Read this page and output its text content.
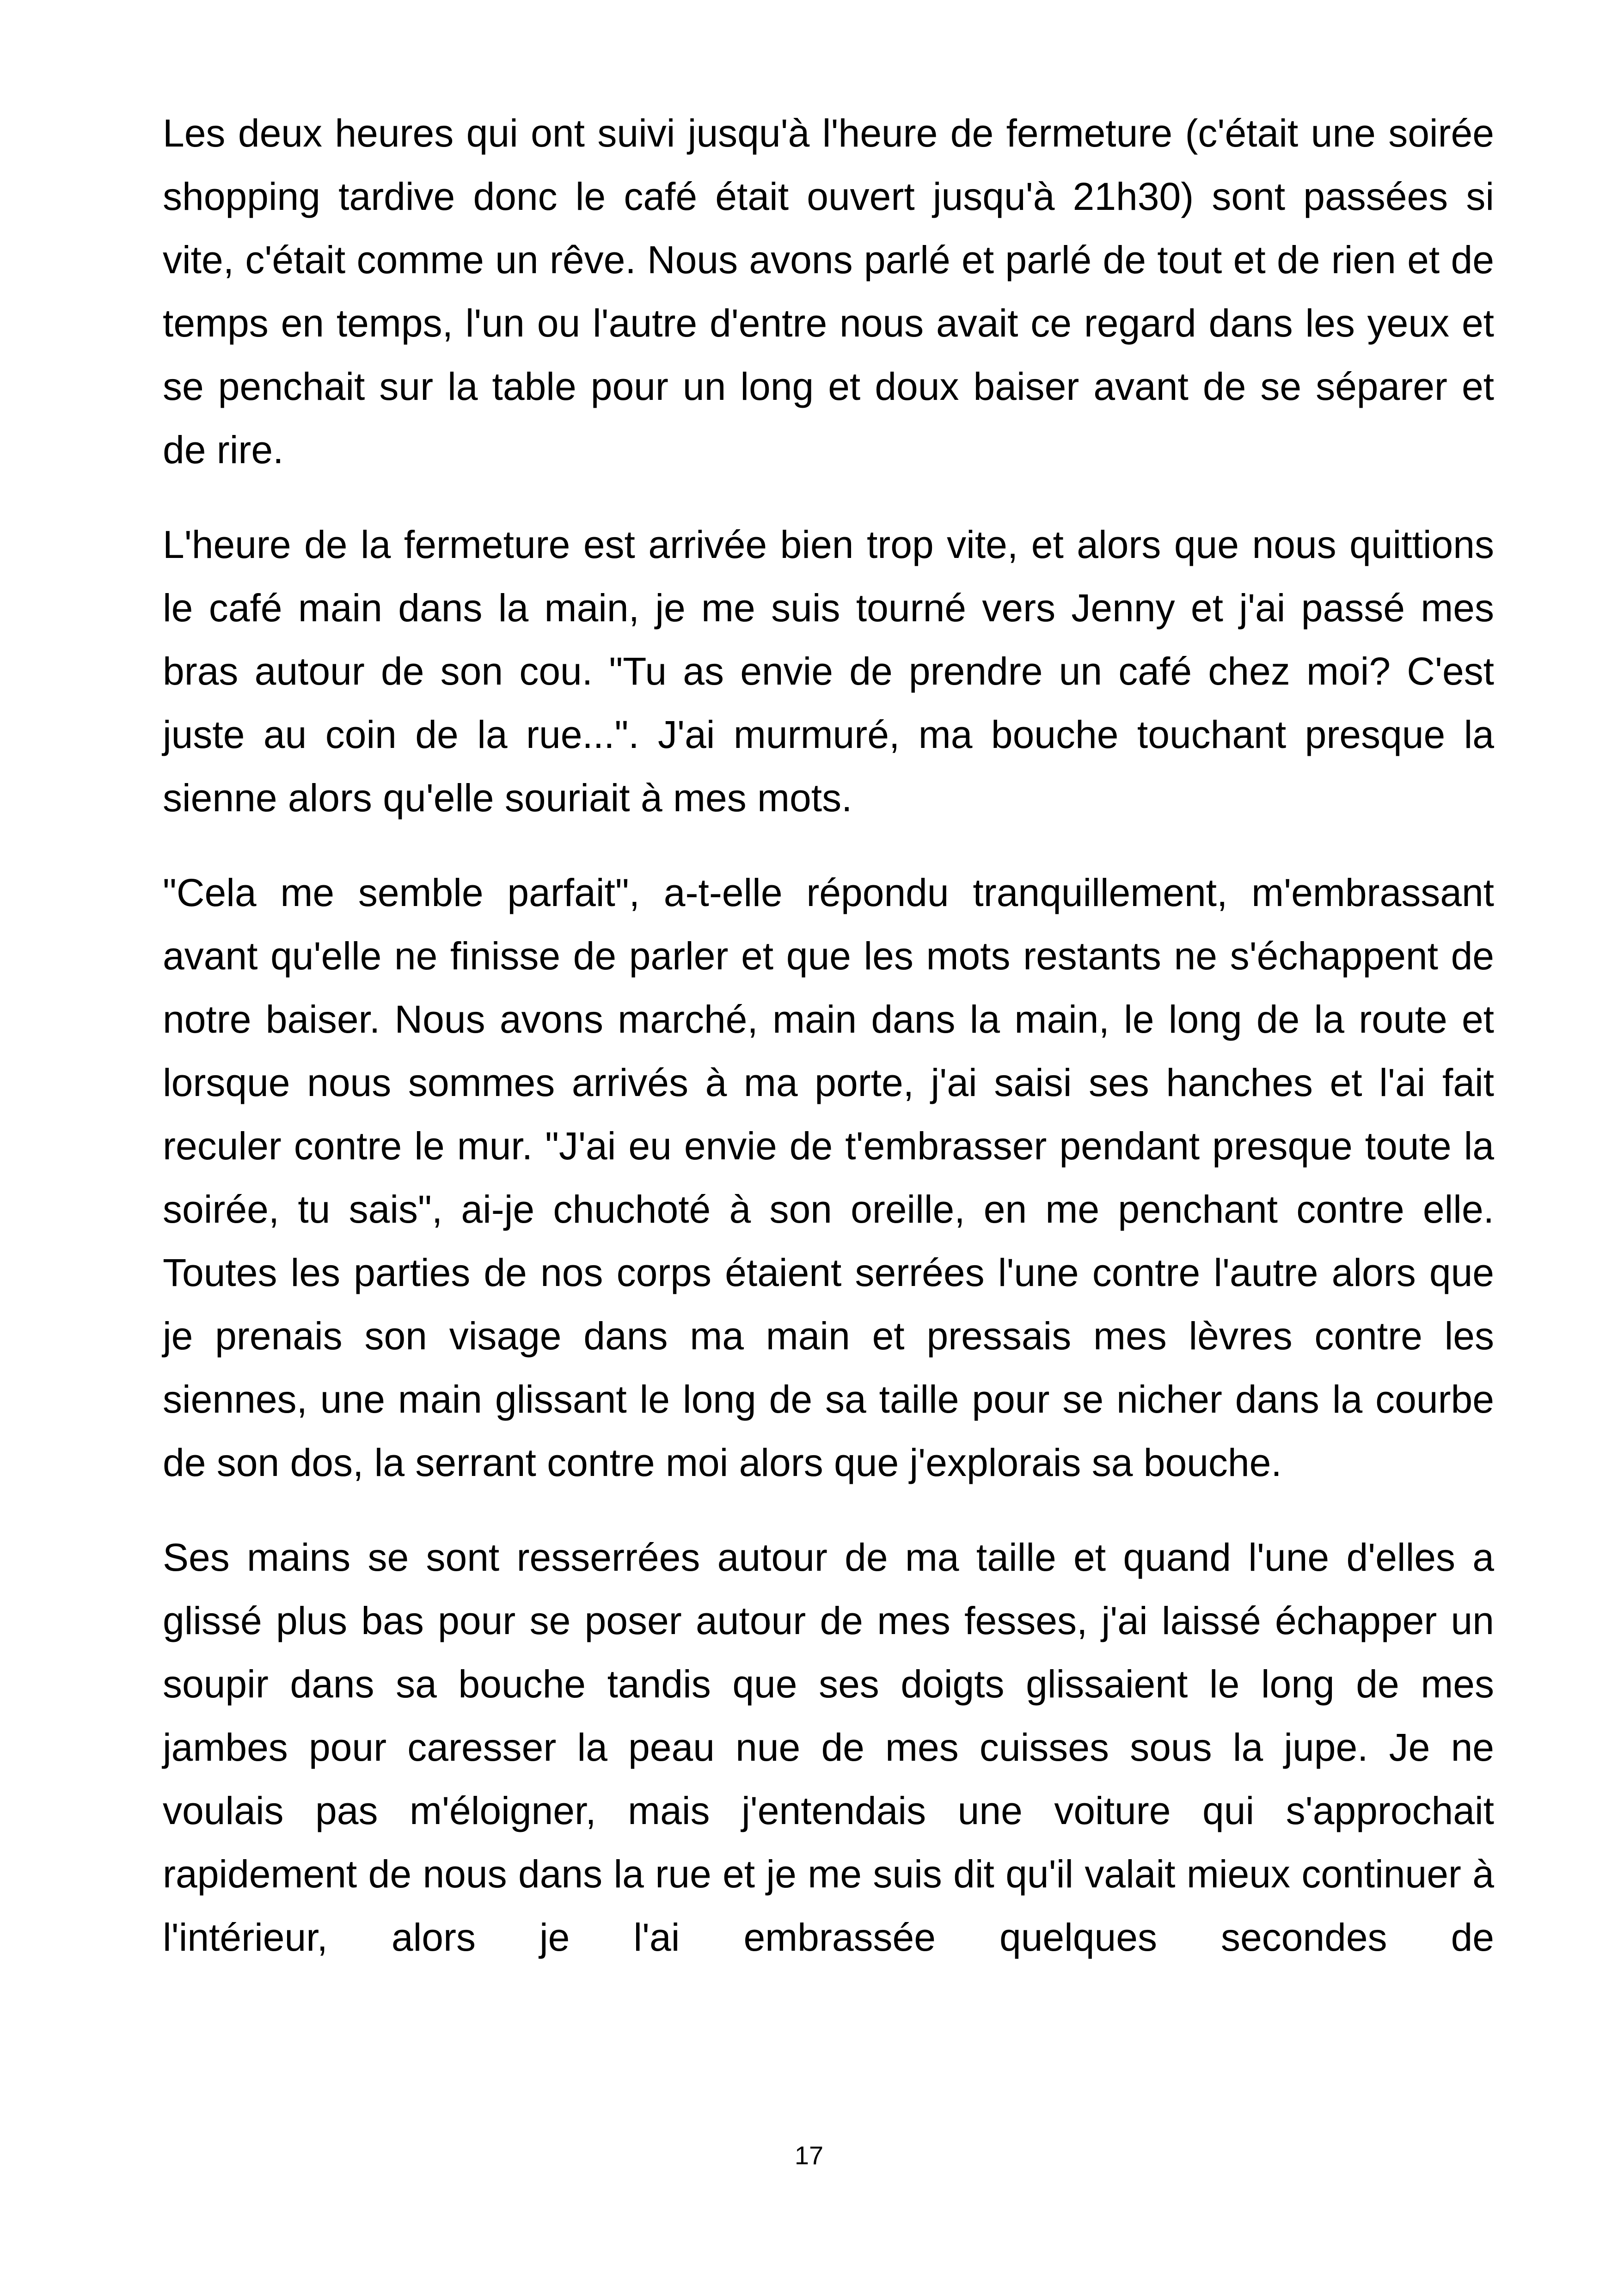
Les deux heures qui ont suivi jusqu'à l'heure de fermeture (c'était une soirée shopping tardive donc le café était ouvert jusqu'à 21h30) sont passées si vite, c'était comme un rêve. Nous avons parlé et parlé de tout et de rien et de temps en temps, l'un ou l'autre d'entre nous avait ce regard dans les yeux et se penchait sur la table pour un long et doux baiser avant de se séparer et de rire.

L'heure de la fermeture est arrivée bien trop vite, et alors que nous quittions le café main dans la main, je me suis tourné vers Jenny et j'ai passé mes bras autour de son cou. "Tu as envie de prendre un café chez moi? C'est juste au coin de la rue...". J'ai murmuré, ma bouche touchant presque la sienne alors qu'elle souriait à mes mots.

"Cela me semble parfait", a-t-elle répondu tranquillement, m'embrassant avant qu'elle ne finisse de parler et que les mots restants ne s'échappent de notre baiser. Nous avons marché, main dans la main, le long de la route et lorsque nous sommes arrivés à ma porte, j'ai saisi ses hanches et l'ai fait reculer contre le mur. "J'ai eu envie de t'embrasser pendant presque toute la soirée, tu sais", ai-je chuchoté à son oreille, en me penchant contre elle. Toutes les parties de nos corps étaient serrées l'une contre l'autre alors que je prenais son visage dans ma main et pressais mes lèvres contre les siennes, une main glissant le long de sa taille pour se nicher dans la courbe de son dos, la serrant contre moi alors que j'explorais sa bouche.

Ses mains se sont resserrées autour de ma taille et quand l'une d'elles a glissé plus bas pour se poser autour de mes fesses, j'ai laissé échapper un soupir dans sa bouche tandis que ses doigts glissaient le long de mes jambes pour caresser la peau nue de mes cuisses sous la jupe. Je ne voulais pas m'éloigner, mais j'entendais une voiture qui s'approchait rapidement de nous dans la rue et je me suis dit qu'il valait mieux continuer à l'intérieur, alors je l'ai embrassée quelques secondes de

17
